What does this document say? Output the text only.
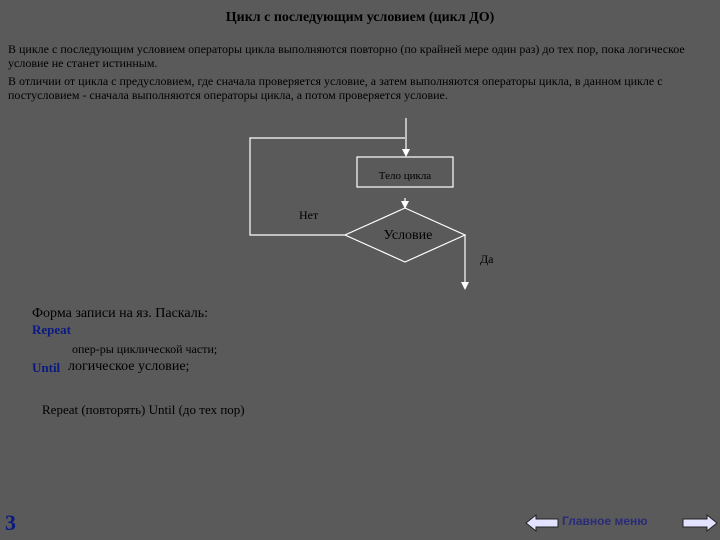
Цикл с последующим условием (цикл ДО)
В цикле с последующим условием операторы цикла выполняются повторно (по крайней мере один раз) до тех пор, пока логическое условие не станет истинным.
В отличии от цикла с предусловием, где сначала проверяется условие, а затем выполняются операторы цикла, в данном цикле с постусловием - сначала выполняются операторы цикла, а потом проверяется условие.
Тело цикла
Условие
Нет
Да
Форма записи на яз. Паскаль:
Repeat
опер-ры циклической части;
Until логическое условие;
Repeat (повторять) Until (до тех пор)
3	Главное меню
